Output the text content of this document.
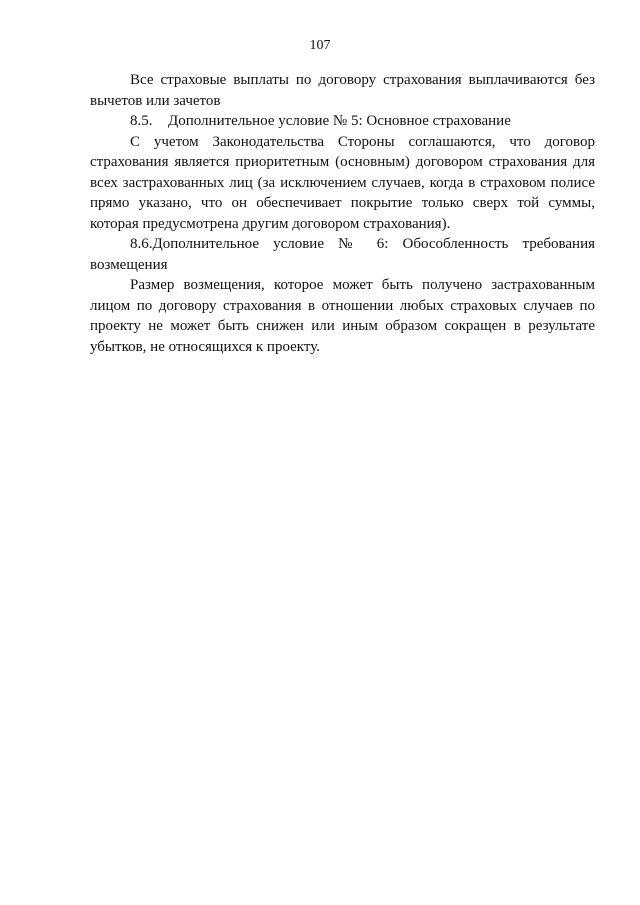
107

Все страховые выплаты по договору страхования выплачиваются без вычетов или зачетов

8.5. Дополнительное условие № 5: Основное страхование

С учетом Законодательства Стороны соглашаются, что договор страхования является приоритетным (основным) договором страхования для всех застрахованных лиц (за исключением случаев, когда в страховом полисе прямо указано, что он обеспечивает покрытие только сверх той суммы, которая предусмотрена другим договором страхования).

8.6.Дополнительное условие № 6: Обособленность требования возмещения

Размер возмещения, которое может быть получено застрахованным лицом по договору страхования в отношении любых страховых случаев по проекту не может быть снижен или иным образом сокращен в результате убытков, не относящихся к проекту.
